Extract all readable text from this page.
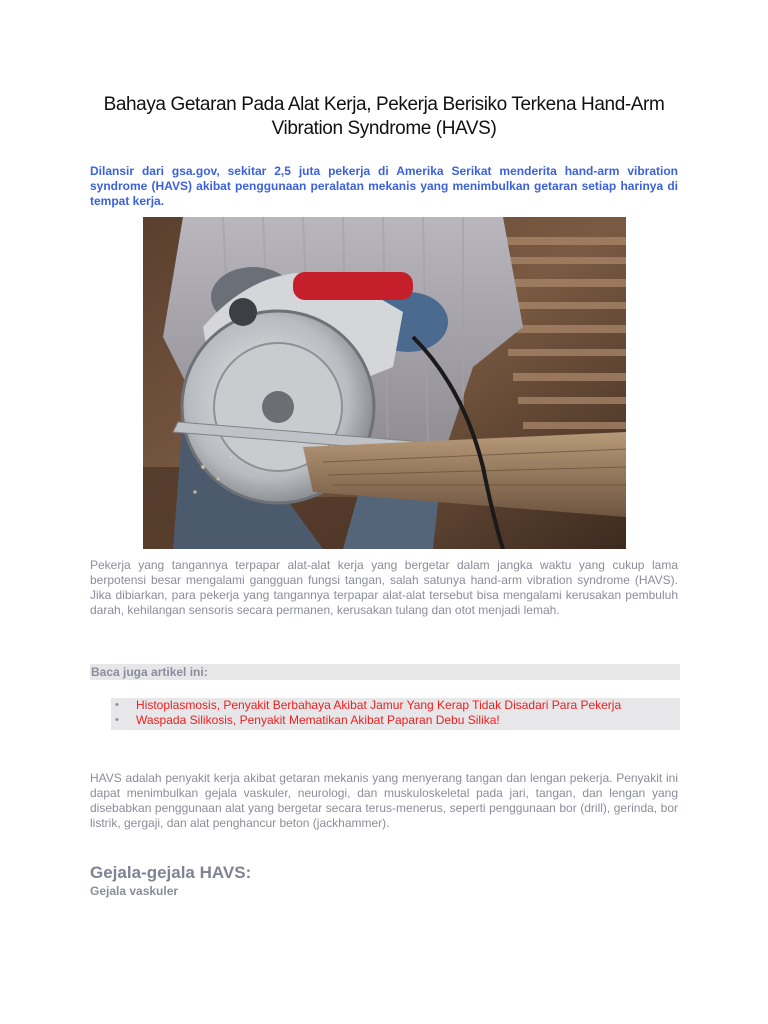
Bahaya Getaran Pada Alat Kerja, Pekerja Berisiko Terkena Hand-Arm Vibration Syndrome (HAVS)

Dilansir dari gsa.gov, sekitar 2,5 juta pekerja di Amerika Serikat menderita hand-arm vibration syndrome (HAVS) akibat penggunaan peralatan mekanis yang menimbulkan getaran setiap harinya di tempat kerja.

Pekerja yang tangannya terpapar alat-alat kerja yang bergetar dalam jangka waktu yang cukup lama berpotensi besar mengalami gangguan fungsi tangan, salah satunya hand-arm vibration syndrome (HAVS). Jika dibiarkan, para pekerja yang tangannya terpapar alat-alat tersebut bisa mengalami kerusakan pembuluh darah, kehilangan sensoris secara permanen, kerusakan tulang dan otot menjadi lemah.

Baca juga artikel ini:
• Histoplasmosis, Penyakit Berbahaya Akibat Jamur Yang Kerap Tidak Disadari Para Pekerja
• Waspada Silikosis, Penyakit Mematikan Akibat Paparan Debu Silika!

HAVS adalah penyakit kerja akibat getaran mekanis yang menyerang tangan dan lengan pekerja. Penyakit ini dapat menimbulkan gejala vaskuler, neurologi, dan muskuloskeletal pada jari, tangan, dan lengan yang disebabkan penggunaan alat yang bergetar secara terus-menerus, seperti penggunaan bor (drill), gerinda, bor listrik, gergaji, dan alat penghancur beton (jackhammer).

Gejala-gejala HAVS:
Gejala vaskuler
